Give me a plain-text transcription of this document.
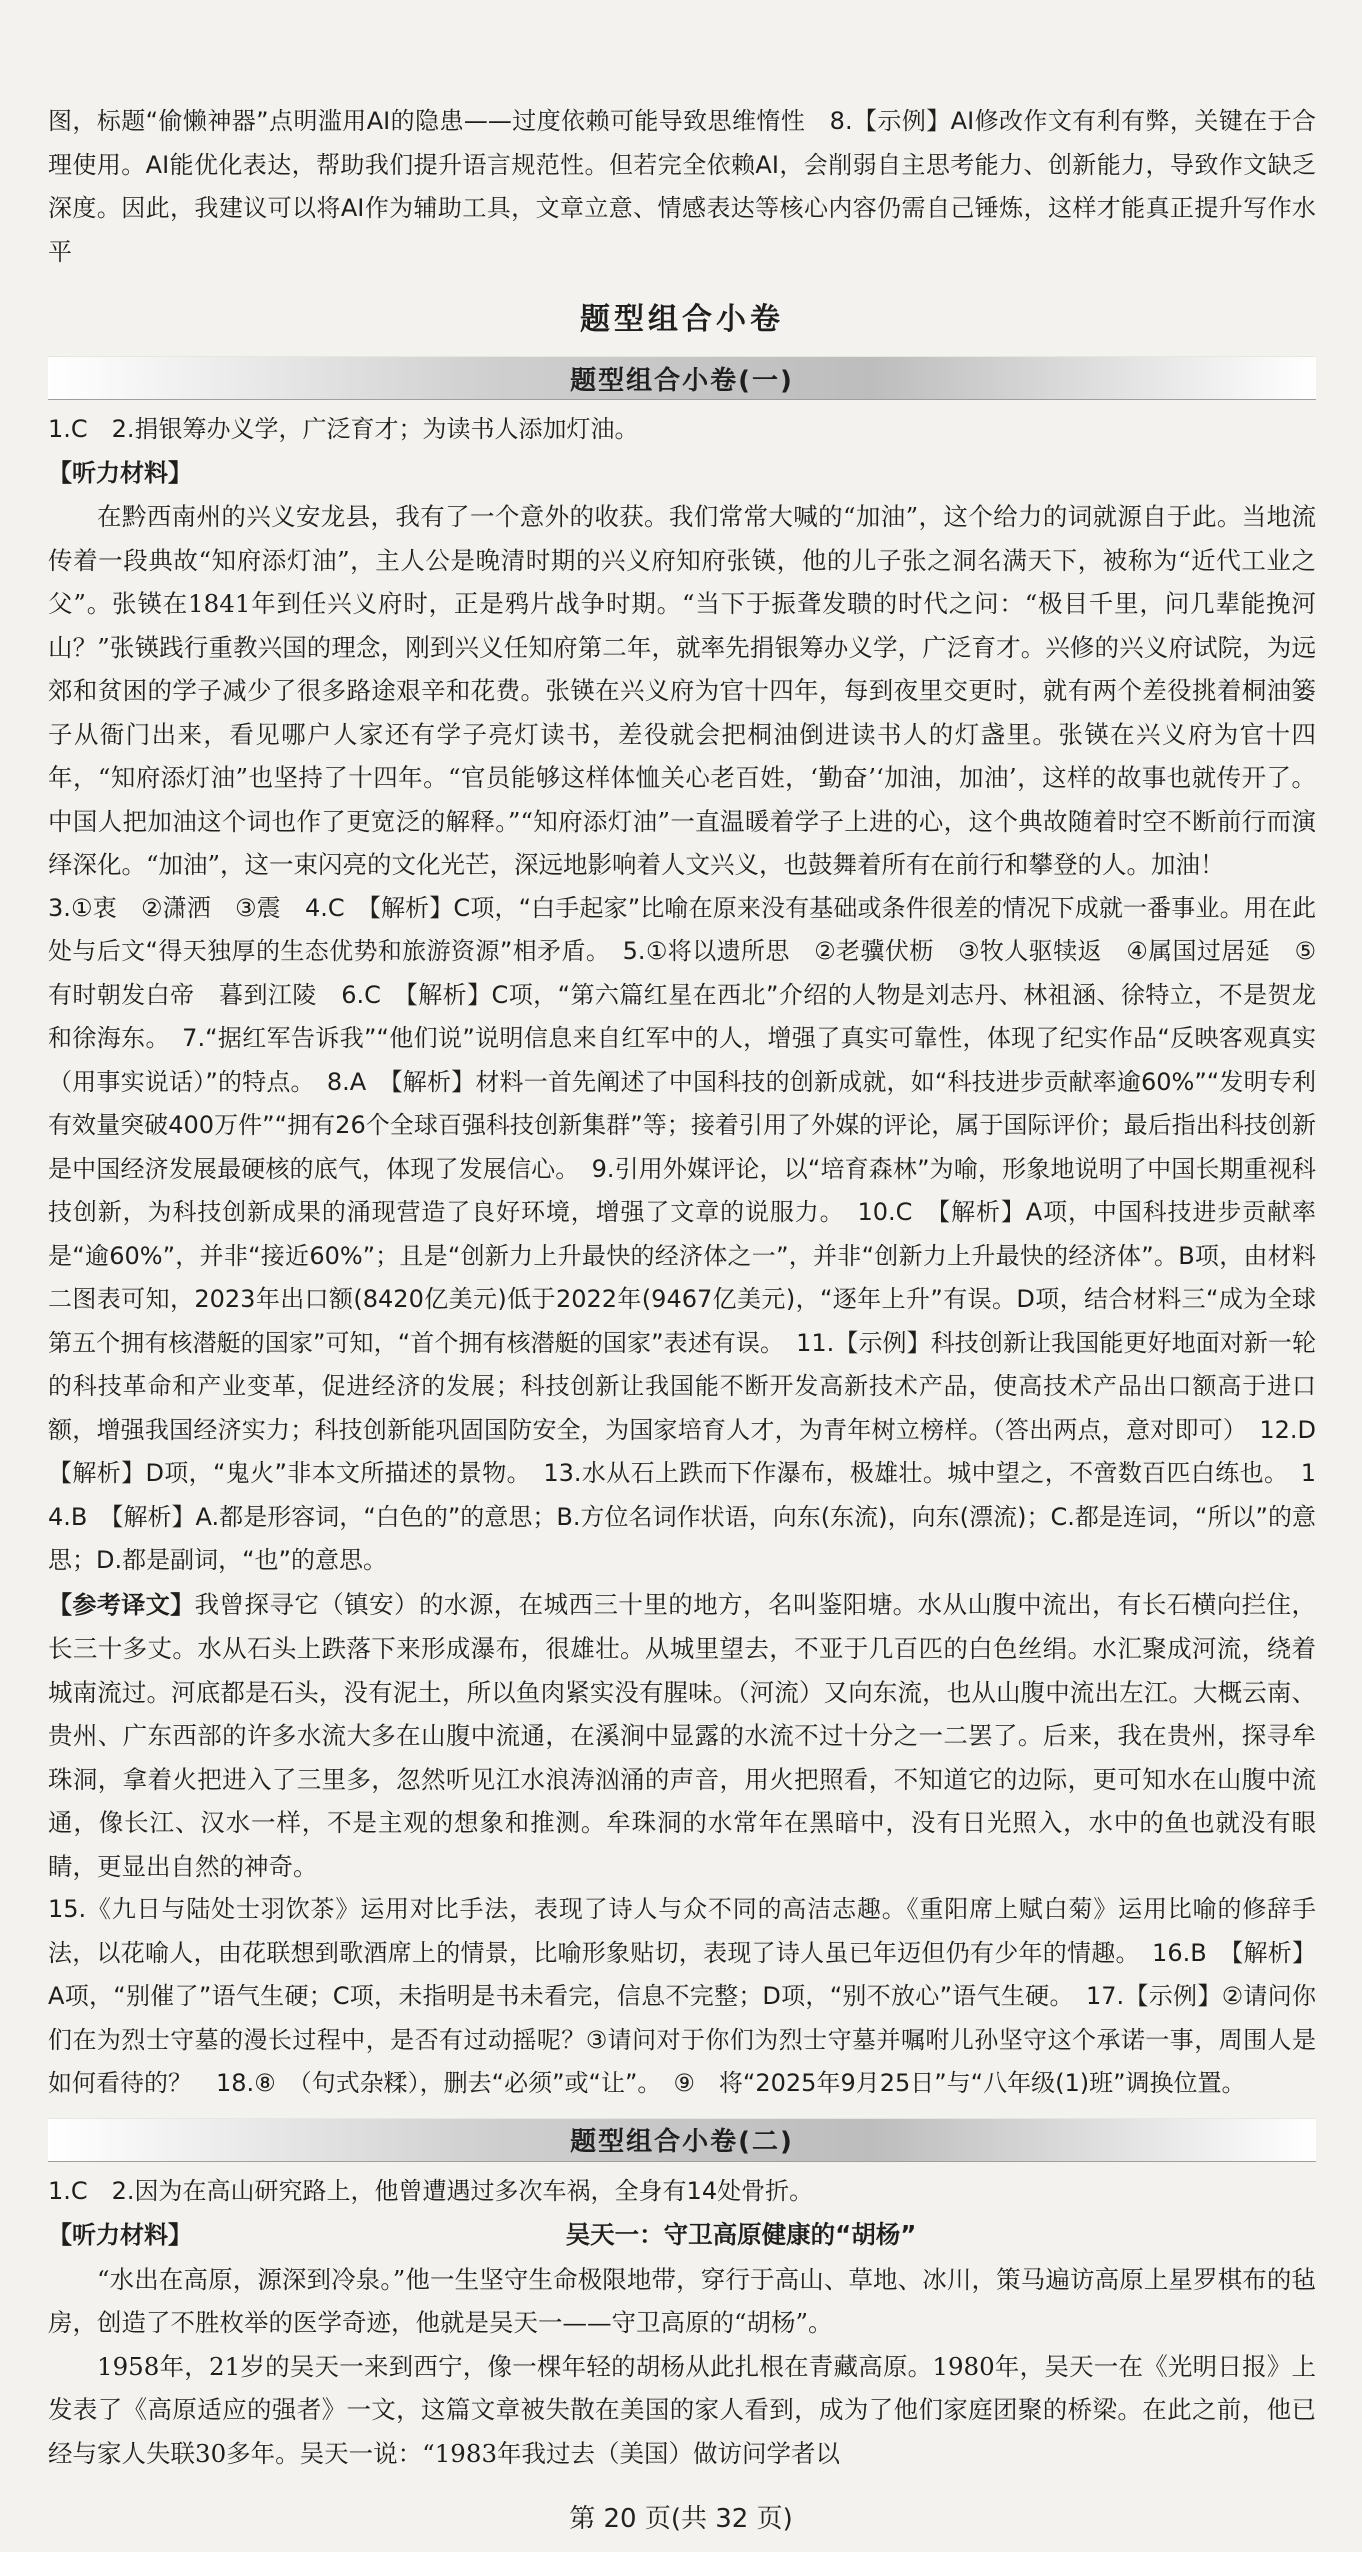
图，标题“偷懒神器”点明滥用AI的隐患——过度依赖可能导致思维惰性　8.【示例】AI修改作文有利有弊，关键在于合理使用。AI能优化表达，帮助我们提升语言规范性。但若完全依赖AI，会削弱自主思考能力、创新能力，导致作文缺乏深度。因此，我建议可以将AI作为辅助工具，文章立意、情感表达等核心内容仍需自己锤炼，这样才能真正提升写作水平

题型组合小卷
题型组合小卷(一)

1.C　2.捐银筹办义学，广泛育才；为读书人添加灯油。

【听力材料】

在黔西南州的兴义安龙县，我有了一个意外的收获。我们常常大喊的“加油”，这个给力的词就源自于此。当地流传着一段典故“知府添灯油”，主人公是晚清时期的兴义府知府张锳，他的儿子张之洞名满天下，被称为“近代工业之父”。张锳在1841年到任兴义府时，正是鸦片战争时期。“当下于振聋发聩的时代之问：“极目千里，问几辈能挽河山？”张锳践行重教兴国的理念，刚到兴义任知府第二年，就率先捐银筹办义学，广泛育才。兴修的兴义府试院，为远郊和贫困的学子减少了很多路途艰辛和花费。张锳在兴义府为官十四年，每到夜里交更时，就有两个差役挑着桐油篓子从衙门出来，看见哪户人家还有学子亮灯读书，差役就会把桐油倒进读书人的灯盏里。张锳在兴义府为官十四年，“知府添灯油”也坚持了十四年。“官员能够这样体恤关心老百姓，‘勤奋’‘加油，加油’，这样的故事也就传开了。中国人把加油这个词也作了更宽泛的解释。”“知府添灯油”一直温暖着学子上进的心，这个典故随着时空不断前行而演绎深化。“加油”，这一束闪亮的文化光芒，深远地影响着人文兴义，也鼓舞着所有在前行和攀登的人。加油！

3.①衷　②潇洒　③震　4.C　【解析】C项，“白手起家”比喻在原来没有基础或条件很差的情况下成就一番事业。用在此处与后文“得天独厚的生态优势和旅游资源”相矛盾。　5.①将以遗所思　②老骥伏枥　③牧人驱犊返　④属国过居延　⑤有时朝发白帝　暮到江陵　6.C　【解析】C项，“第六篇红星在西北”介绍的人物是刘志丹、林祖涵、徐特立，不是贺龙和徐海东。　7.“据红军告诉我”“他们说”说明信息来自红军中的人，增强了真实可靠性，体现了纪实作品“反映客观真实（用事实说话）”的特点。　8.A　【解析】材料一首先阐述了中国科技的创新成就，如“科技进步贡献率逾60%”“发明专利有效量突破400万件”“拥有26个全球百强科技创新集群”等；接着引用了外媒的评论，属于国际评价；最后指出科技创新是中国经济发展最硬核的底气，体现了发展信心。　9.引用外媒评论，以“培育森林”为喻，形象地说明了中国长期重视科技创新，为科技创新成果的涌现营造了良好环境，增强了文章的说服力。　10.C　【解析】A项，中国科技进步贡献率是“逾60%”，并非“接近60%”；且是“创新力上升最快的经济体之一”，并非“创新力上升最快的经济体”。B项，由材料二图表可知，2023年出口额(8420亿美元)低于2022年(9467亿美元)，“逐年上升”有误。D项，结合材料三“成为全球第五个拥有核潜艇的国家”可知，“首个拥有核潜艇的国家”表述有误。　11.【示例】科技创新让我国能更好地面对新一轮的科技革命和产业变革，促进经济的发展；科技创新让我国能不断开发高新技术产品，使高技术产品出口额高于进口额，增强我国经济实力；科技创新能巩固国防安全，为国家培育人才，为青年树立榜样。（答出两点，意对即可）　12.D　【解析】D项，“鬼火”非本文所描述的景物。　13.水从石上跌而下作瀑布，极雄壮。城中望之，不啻数百匹白练也。　14.B　【解析】A.都是形容词，“白色的”的意思；B.方位名词作状语，向东(东流)，向东(漂流)；C.都是连词，“所以”的意思；D.都是副词，“也”的意思。

【参考译文】我曾探寻它（镇安）的水源，在城西三十里的地方，名叫鉴阳塘。水从山腹中流出，有长石横向拦住，长三十多丈。水从石头上跌落下来形成瀑布，很雄壮。从城里望去，不亚于几百匹的白色丝绢。水汇聚成河流，绕着城南流过。河底都是石头，没有泥土，所以鱼肉紧实没有腥味。（河流）又向东流，也从山腹中流出左江。大概云南、贵州、广东西部的许多水流大多在山腹中流通，在溪涧中显露的水流不过十分之一二罢了。后来，我在贵州，探寻牟珠洞，拿着火把进入了三里多，忽然听见江水浪涛汹涌的声音，用火把照看，不知道它的边际，更可知水在山腹中流通，像长江、汉水一样，不是主观的想象和推测。牟珠洞的水常年在黑暗中，没有日光照入，水中的鱼也就没有眼睛，更显出自然的神奇。

15.《九日与陆处士羽饮茶》运用对比手法，表现了诗人与众不同的高洁志趣。《重阳席上赋白菊》运用比喻的修辞手法，以花喻人，由花联想到歌酒席上的情景，比喻形象贴切，表现了诗人虽已年迈但仍有少年的情趣。　16.B　【解析】A项，“别催了”语气生硬；C项，未指明是书未看完，信息不完整；D项，“别不放心”语气生硬。　17.【示例】②请问你们在为烈士守墓的漫长过程中，是否有过动摇呢？③请问对于你们为烈士守墓并嘱咐儿孙坚守这个承诺一事，周围人是如何看待的？　18.⑧　（句式杂糅），删去“必须”或“让”。　⑨　将“2025年9月25日”与“八年级(1)班”调换位置。

题型组合小卷(二)

1.C　2.因为在高山研究路上，他曾遭遇过多次车祸，全身有14处骨折。

【听力材料】	吴天一：守卫高原健康的“胡杨”

“水出在高原，源深到冷泉。”他一生坚守生命极限地带，穿行于高山、草地、冰川，策马遍访高原上星罗棋布的毡房，创造了不胜枚举的医学奇迹，他就是吴天一——守卫高原的“胡杨”。

1958年，21岁的吴天一来到西宁，像一棵年轻的胡杨从此扎根在青藏高原。1980年，吴天一在《光明日报》上发表了《高原适应的强者》一文，这篇文章被失散在美国的家人看到，成为了他们家庭团聚的桥梁。在此之前，他已经与家人失联30多年。吴天一说：“1983年我过去（美国）做访问学者以

第 20 页(共 32 页)
